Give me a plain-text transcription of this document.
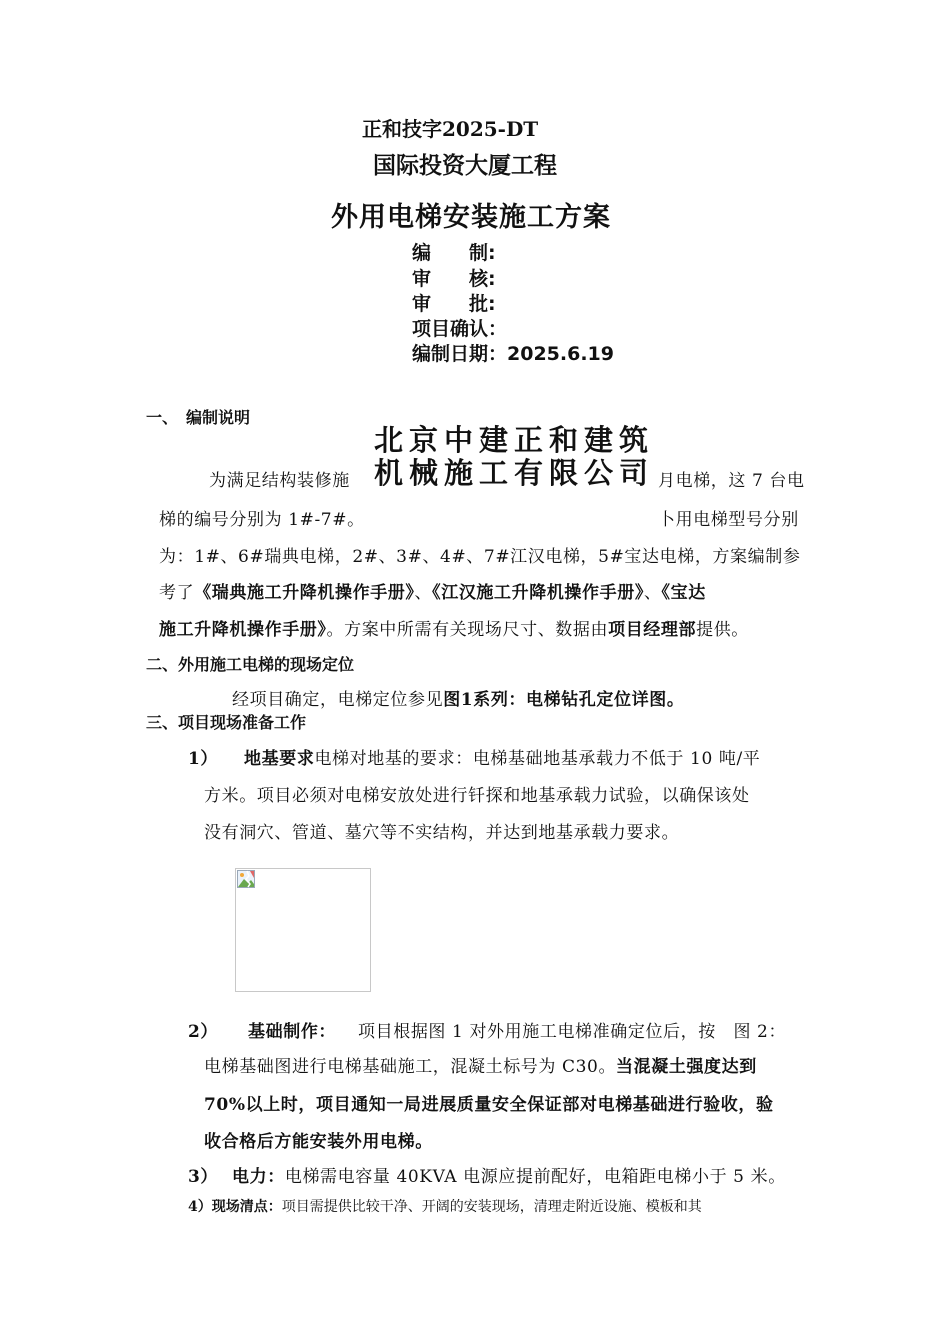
正和技字2025-DT
国际投资大厦工程
外用电梯安装施工方案
编　　制:
审　　核:
审　　批:
项目确认：
编制日期：2025.6.19
一、　编制说明
为满足结构装修施	月电梯，这 7 台电
梯的编号分别为 1#-7#。	卜用电梯型号分别
为：1#、6#瑞典电梯，2#、3#、4#、7#江汉电梯，5#宝达电梯，方案编制参
考了《瑞典施工升降机操作手册》、《江汉施工升降机操作手册》、《宝达
施工升降机操作手册》。方案中所需有关现场尺寸、数据由项目经理部提供。
北京中建正和建筑
机械施工有限公司
二、外用施工电梯的现场定位
经项目确定，电梯定位参见图1系列：电梯钻孔定位详图。
三、项目现场准备工作
1） 地基要求电梯对地基的要求：电梯基础地基承载力不低于 10 吨/平
方米。项目必须对电梯安放处进行钎探和地基承载力试验，以确保该处
没有洞穴、管道、墓穴等不实结构，并达到地基承载力要求。
2） 基础制作： 项目根据图 1 对外用施工电梯准确定位后，按　图 2：
电梯基础图进行电梯基础施工，混凝土标号为 C30。当混凝土强度达到
70%以上时，项目通知一局进展质量安全保证部对电梯基础进行验收，验
收合格后方能安装外用电梯。
3） 电力：电梯需电容量 40KVA 电源应提前配好，电箱距电梯小于 5 米。
4）现场清点：项目需提供比较干净、开阔的安装现场，清理走附近设施、模板和其
